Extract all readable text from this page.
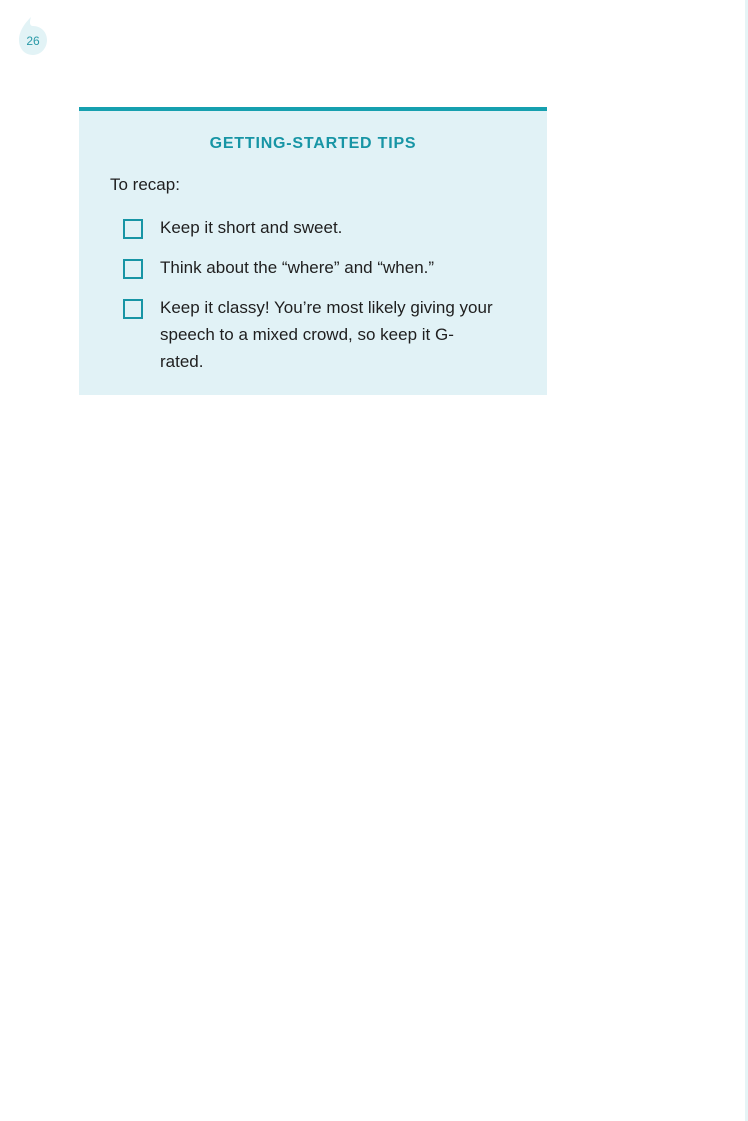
26
GETTING-STARTED TIPS
To recap:
Keep it short and sweet.
Think about the “where” and “when.”
Keep it classy! You’re most likely giving your speech to a mixed crowd, so keep it G-rated.
